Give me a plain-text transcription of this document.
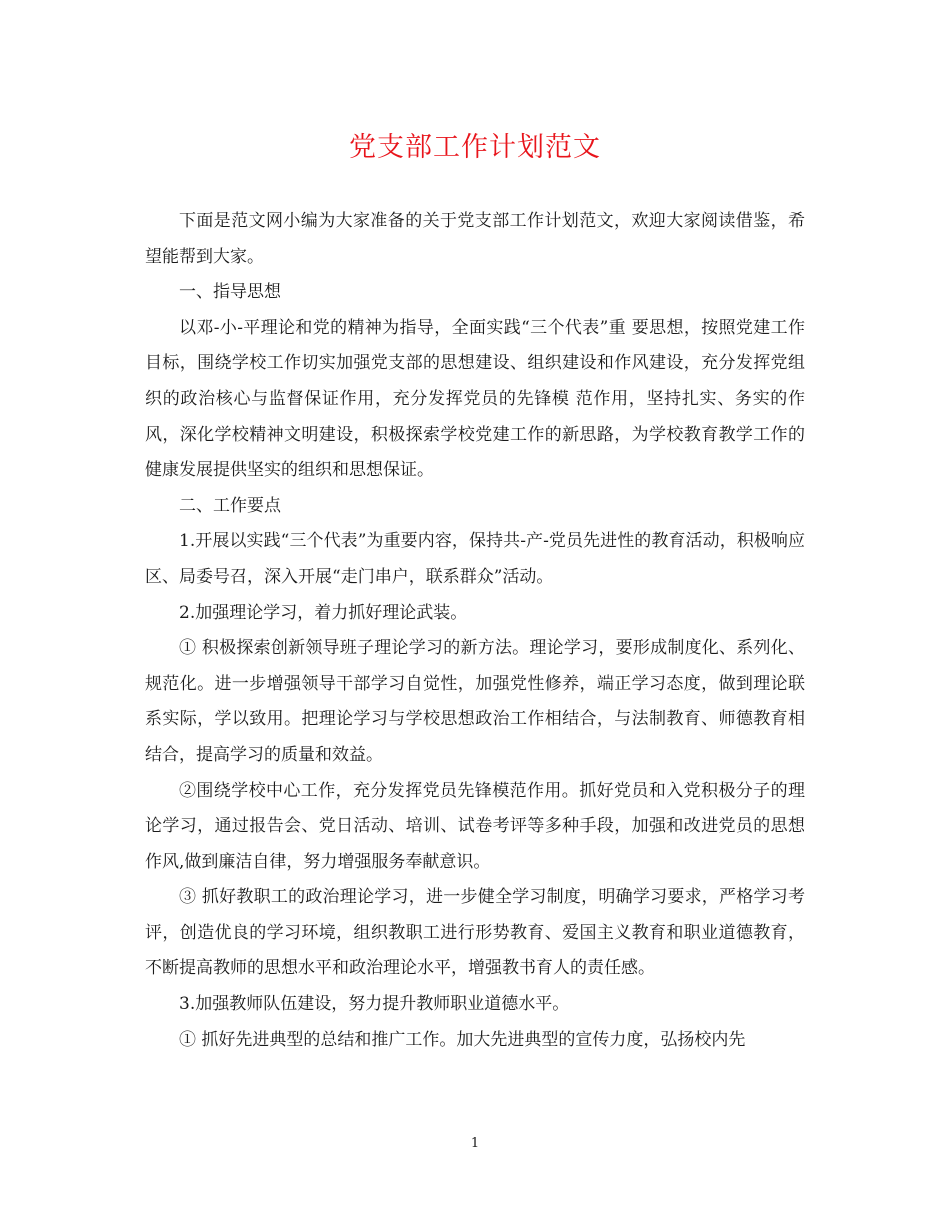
党支部工作计划范文

下面是范文网小编为大家准备的关于党支部工作计划范文，欢迎大家阅读借鉴，希望能帮到大家。

一、指导思想

以邓-小-平理论和党的精神为指导，全面实践“三个代表”重 要思想，按照党建工作目标，围绕学校工作切实加强党支部的思想建设、组织建设和作风建设，充分发挥党组织的政治核心与监督保证作用，充分发挥党员的先锋模 范作用，坚持扎实、务实的作风，深化学校精神文明建设，积极探索学校党建工作的新思路，为学校教育教学工作的健康发展提供坚实的组织和思想保证。

二、工作要点

1.开展以实践“三个代表”为重要内容，保持共-产-党员先进性的教育活动，积极响应区、局委号召，深入开展“走门串户，联系群众”活动。

2.加强理论学习，着力抓好理论武装。

① 积极探索创新领导班子理论学习的新方法。理论学习，要形成制度化、系列化、规范化。进一步增强领导干部学习自觉性，加强党性修养，端正学习态度，做到理论联系实际，学以致用。把理论学习与学校思想政治工作相结合，与法制教育、师德教育相结合，提高学习的质量和效益。

②围绕学校中心工作，充分发挥党员先锋模范作用。抓好党员和入党积极分子的理论学习，通过报告会、党日活动、培训、试卷考评等多种手段，加强和改进党员的思想作风,做到廉洁自律，努力增强服务奉献意识。

③ 抓好教职工的政治理论学习，进一步健全学习制度，明确学习要求，严格学习考评，创造优良的学习环境，组织教职工进行形势教育、爱国主义教育和职业道德教育，不断提高教师的思想水平和政治理论水平，增强教书育人的责任感。

3.加强教师队伍建设，努力提升教师职业道德水平。

① 抓好先进典型的总结和推广工作。加大先进典型的宣传力度，弘扬校内先

1
